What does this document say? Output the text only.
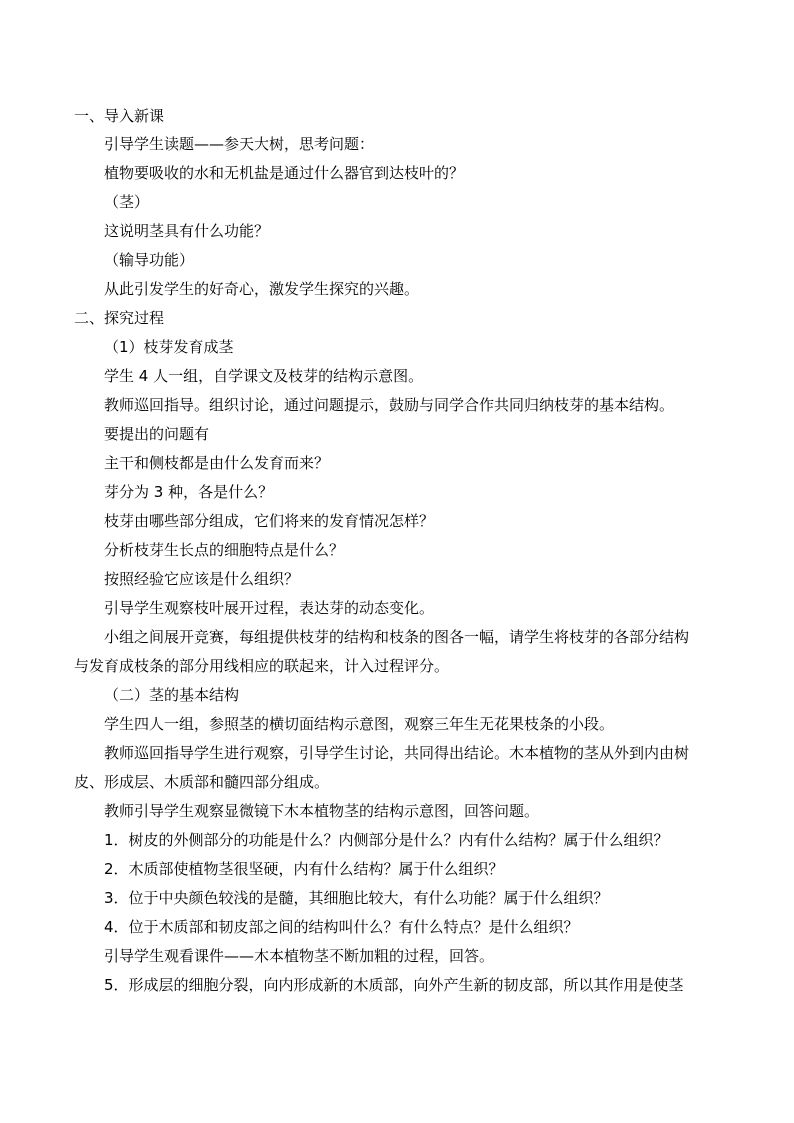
一、导入新课
引导学生读题——参天大树，思考问题：
植物要吸收的水和无机盐是通过什么器官到达枝叶的？
（茎）
这说明茎具有什么功能？
（输导功能）
从此引发学生的好奇心，激发学生探究的兴趣。
二、探究过程
（1）枝芽发育成茎
学生 4 人一组，自学课文及枝芽的结构示意图。
教师巡回指导。组织讨论，通过问题提示，鼓励与同学合作共同归纳枝芽的基本结构。
要提出的问题有
主干和侧枝都是由什么发育而来？
芽分为 3 种，各是什么？
枝芽由哪些部分组成，它们将来的发育情况怎样？
分析枝芽生长点的细胞特点是什么？
按照经验它应该是什么组织？
引导学生观察枝叶展开过程，表达芽的动态变化。
小组之间展开竞赛，每组提供枝芽的结构和枝条的图各一幅，请学生将枝芽的各部分结构
与发育成枝条的部分用线相应的联起来，计入过程评分。
（二）茎的基本结构
学生四人一组，参照茎的横切面结构示意图，观察三年生无花果枝条的小段。
教师巡回指导学生进行观察，引导学生讨论，共同得出结论。木本植物的茎从外到内由树
皮、形成层、木质部和髓四部分组成。
教师引导学生观察显微镜下木本植物茎的结构示意图，回答问题。
1．树皮的外侧部分的功能是什么？内侧部分是什么？内有什么结构？属于什么组织？
2．木质部使植物茎很坚硬，内有什么结构？属于什么组织？
3．位于中央颜色较浅的是髓，其细胞比较大，有什么功能？属于什么组织？
4．位于木质部和韧皮部之间的结构叫什么？有什么特点？是什么组织？
引导学生观看课件——木本植物茎不断加粗的过程，回答。
5．形成层的细胞分裂，向内形成新的木质部，向外产生新的韧皮部，所以其作用是使茎
